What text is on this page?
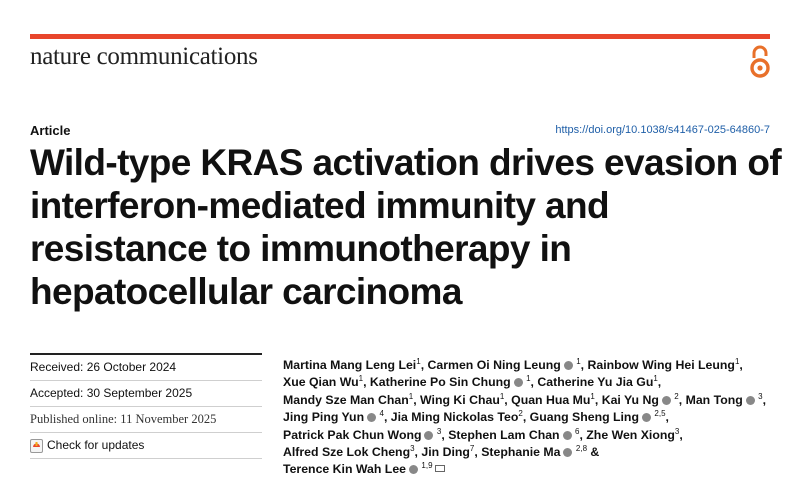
nature communications
Article	https://doi.org/10.1038/s41467-025-64860-7
Wild-type KRAS activation drives evasion of
interferon-mediated immunity and
resistance to immunotherapy in
hepatocellular carcinoma
Received: 26 October 2024
Accepted: 30 September 2025
Published online: 11 November 2025
Check for updates
Martina Mang Leng Lei$^1$, Carmen Oi Ning Leung $^1$, Rainbow Wing Hei Leung$^1$,
Xue Qian Wu$^1$, Katherine Po Sin Chung $^1$, Catherine Yu Jia Gu$^1$,
Mandy Sze Man Chan$^1$, Wing Ki Chau$^1$, Quan Hua Mu$^1$, Kai Yu Ng $^2$, Man Tong $^3$,
Jing Ping Yun $^4$, Jia Ming Nickolas Teo$^2$, Guang Sheng Ling $^{2,5}$,
Patrick Pak Chun Wong $^3$, Stephen Lam Chan $^6$, Zhe Wen Xiong$^3$,
Alfred Sze Lok Cheng$^3$, Jin Ding$^7$, Stephanie Ma $^{2,8}$ &
Terence Kin Wah Lee $^{1,9}$
